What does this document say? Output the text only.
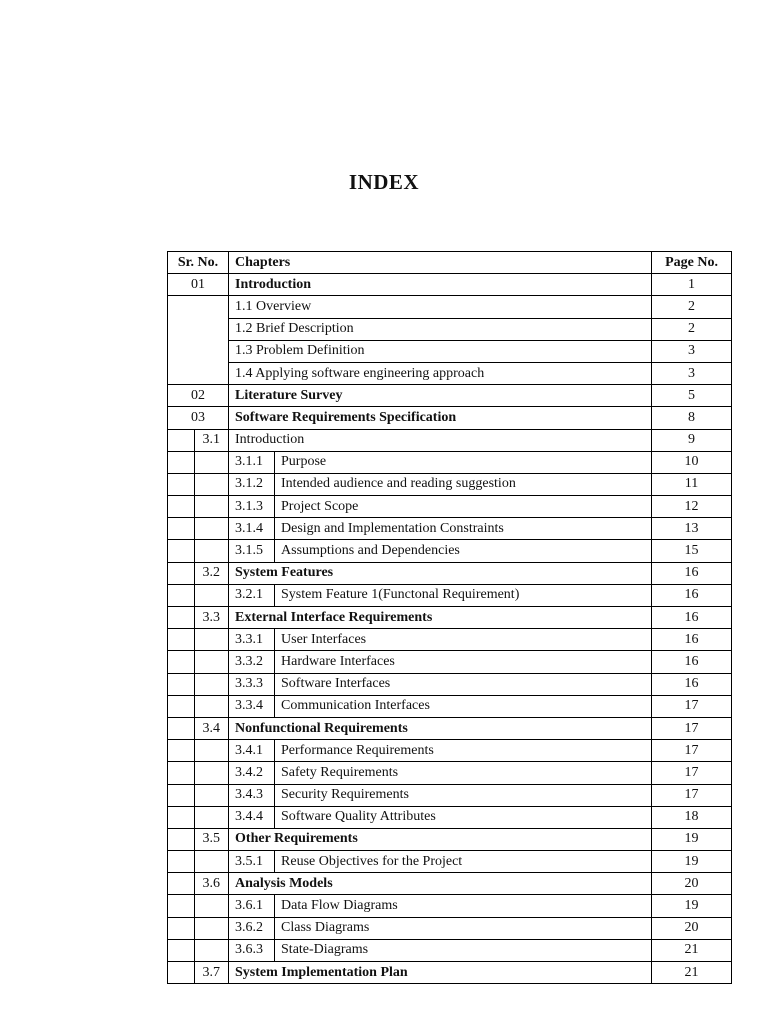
INDEX
Sr. No.		Chapters		Page No.
01		Introduction		1
		1.1 Overview		2
		1.2 Brief Description		2
		1.3 Problem Definition		3
		1.4 Applying software engineering approach		3
02		Literature Survey		5
03		Software Requirements Specification		8
	3.1	Introduction		9
		3.1.1	Purpose	10
		3.1.2	Intended audience and reading suggestion	11
		3.1.3	Project Scope	12
		3.1.4	Design and Implementation Constraints	13
		3.1.5	Assumptions and Dependencies	15
	3.2	System Features		16
		3.2.1	System Feature 1(Functonal Requirement)	16
	3.3	External Interface Requirements		16
		3.3.1	User Interfaces	16
		3.3.2	Hardware Interfaces	16
		3.3.3	Software Interfaces	16
		3.3.4	Communication Interfaces	17
	3.4	Nonfunctional Requirements		17
		3.4.1	Performance Requirements	17
		3.4.2	Safety Requirements	17
		3.4.3	Security Requirements	17
		3.4.4	Software Quality Attributes	18
	3.5	Other Requirements		19
		3.5.1	Reuse Objectives for the Project	19
	3.6	Analysis Models		20
		3.6.1	Data Flow Diagrams	19
		3.6.2	Class Diagrams	20
		3.6.3	State-Diagrams	21
	3.7	System Implementation Plan		21
